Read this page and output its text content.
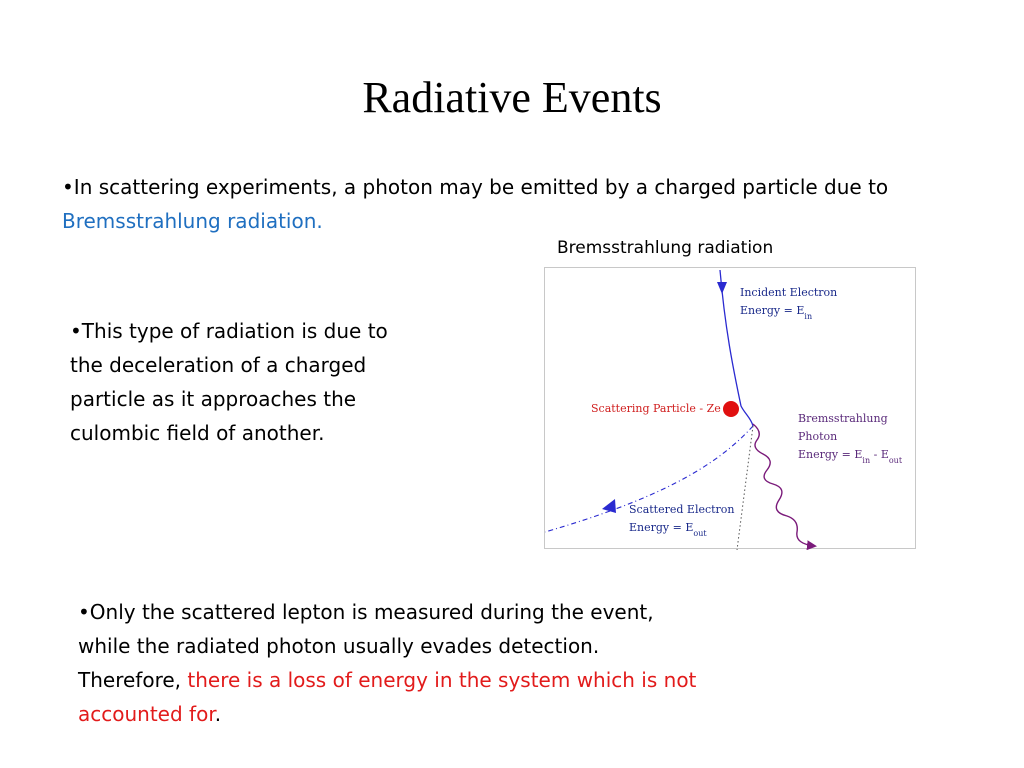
Radiative Events
•In scattering experiments, a photon may be emitted by a charged particle due to Bremsstrahlung radiation.
Bremsstrahlung radiation
Incident Electron
Energy = $E_{in}$
Scattering Particle - Ze
Bremsstrahlung
Photon
Energy = $E_{in} - E_{out}$
Scattered Electron
Energy = $E_{out}$
•This type of radiation is due to the deceleration of a charged particle as it approaches the culombic field of another.
•Only the scattered lepton is measured during the event, while the radiated photon usually evades detection. Therefore, there is a loss of energy in the system which is not accounted for.
